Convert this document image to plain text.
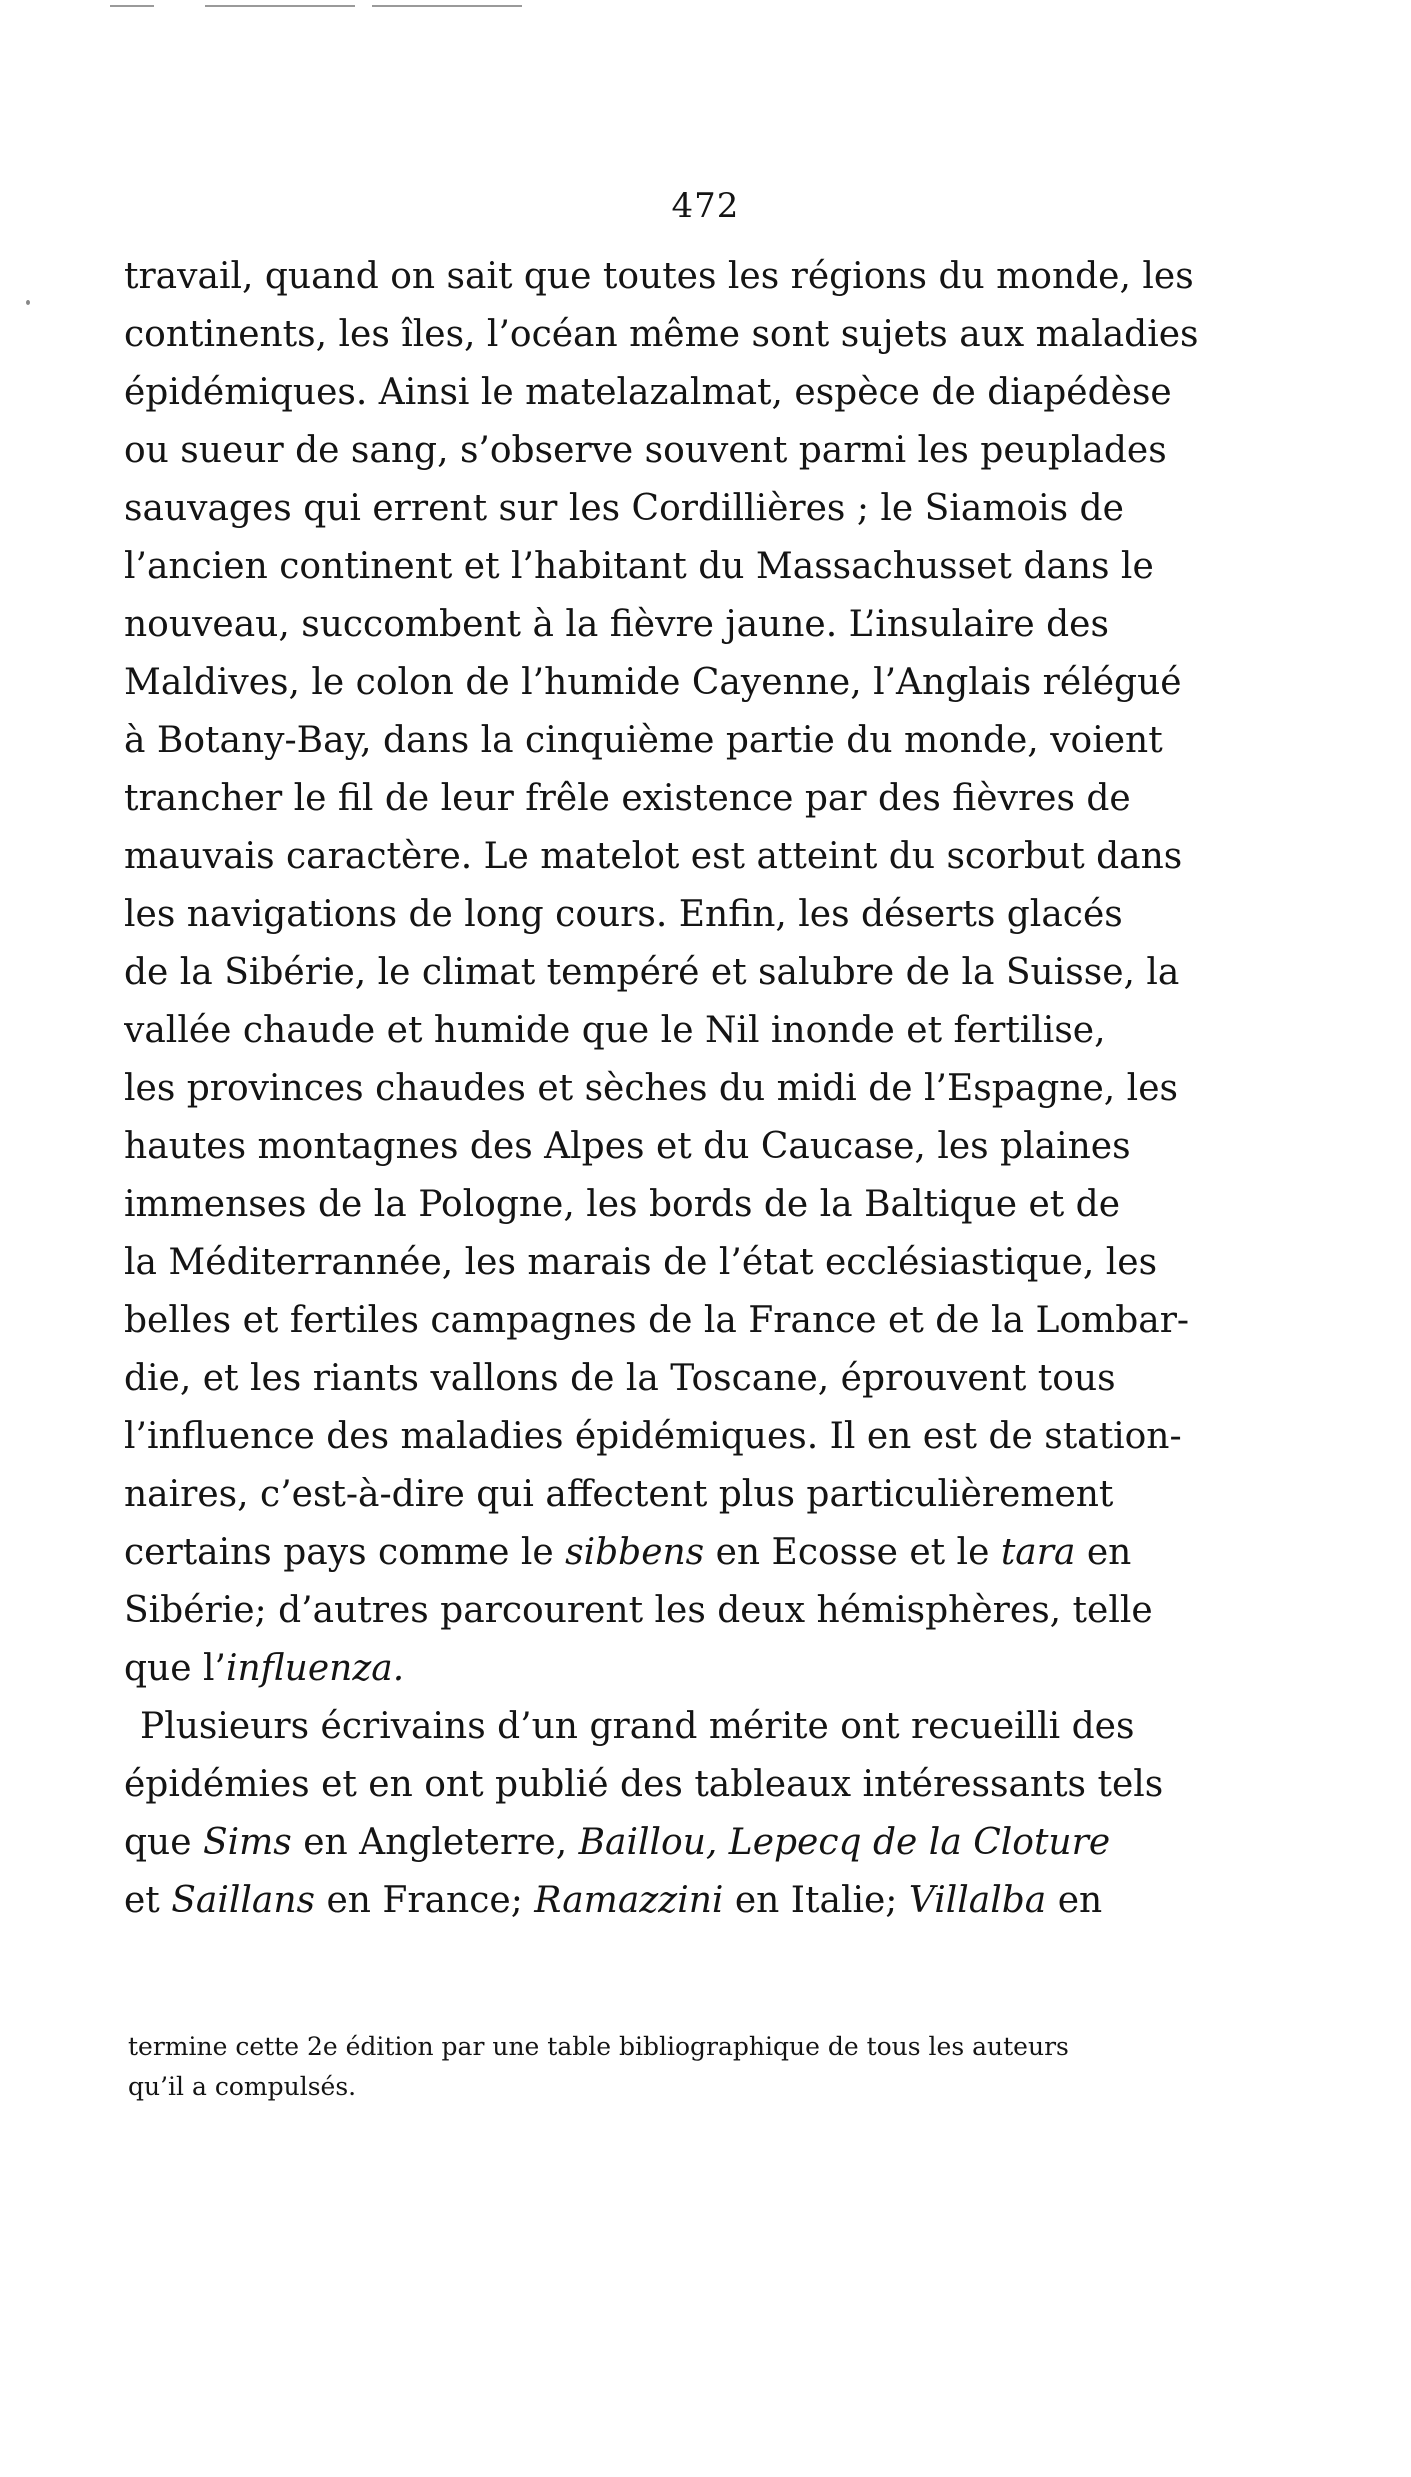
472
travail, quand on sait que toutes les régions du monde, les
continents, les îles, l’océan même sont sujets aux maladies
épidémiques. Ainsi le matelazalmat, espèce de diapédèse
ou sueur de sang, s’observe souvent parmi les peuplades
sauvages qui errent sur les Cordillières ; le Siamois de
l’ancien continent et l’habitant du Massachusset dans le
nouveau, succombent à la fièvre jaune. L’insulaire des
Maldives, le colon de l’humide Cayenne, l’Anglais rélégué
à Botany-Bay, dans la cinquième partie du monde, voient
trancher le fil de leur frêle existence par des fièvres de
mauvais caractère. Le matelot est atteint du scorbut dans
les navigations de long cours. Enfin, les déserts glacés
de la Sibérie, le climat tempéré et salubre de la Suisse, la
vallée chaude et humide que le Nil inonde et fertilise,
les provinces chaudes et sèches du midi de l’Espagne, les
hautes montagnes des Alpes et du Caucase, les plaines
immenses de la Pologne, les bords de la Baltique et de
la Méditerrannée, les marais de l’état ecclésiastique, les
belles et fertiles campagnes de la France et de la Lombar-
die, et les riants vallons de la Toscane, éprouvent tous
l’influence des maladies épidémiques. Il en est de station-
naires, c’est-à-dire qui affectent plus particulièrement
certains pays comme le sibbens en Ecosse et le tara en
Sibérie; d’autres parcourent les deux hémisphères, telle
que l’influenza.
Plusieurs écrivains d’un grand mérite ont recueilli des
épidémies et en ont publié des tableaux intéressants tels
que Sims en Angleterre, Baillou, Lepecq de la Cloture
et Saillans en France; Ramazzini en Italie; Villalba en
termine cette 2e édition par une table bibliographique de tous les auteurs
qu’il a compulsés.
